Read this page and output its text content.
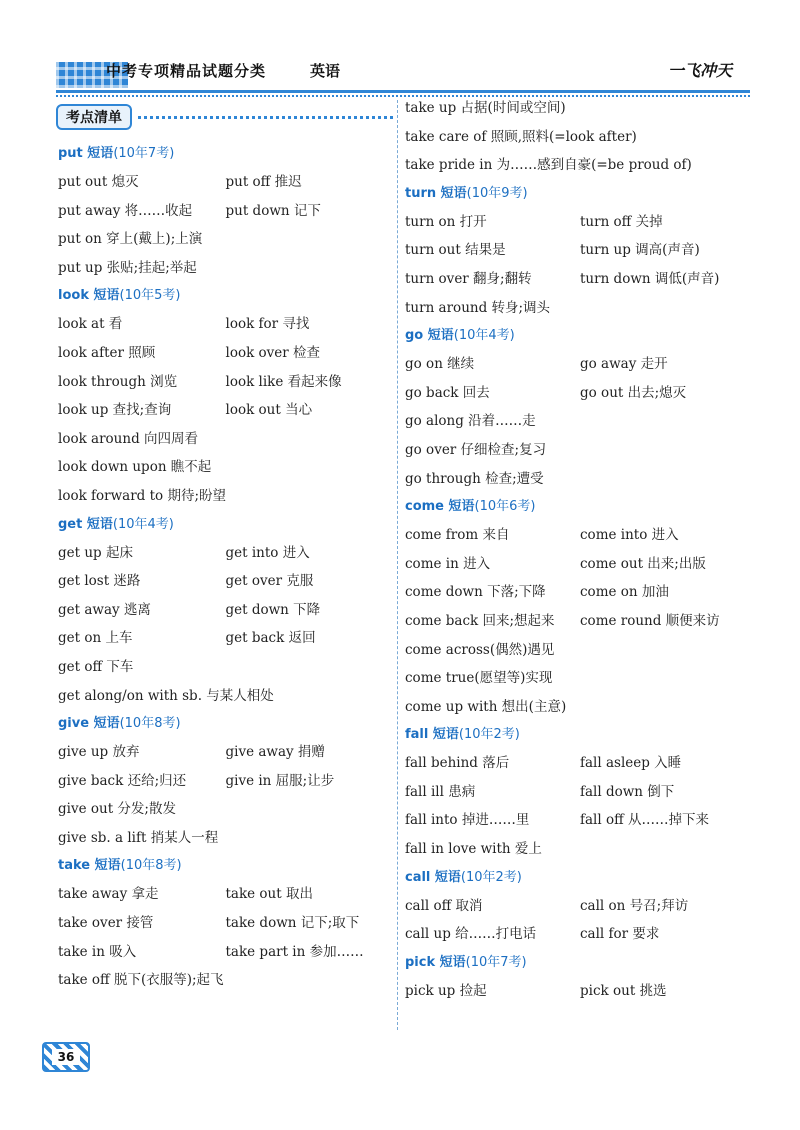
中考专项精品试题分类	英语	一飞冲天
考点清单
put 短语(10年7考)
put out 熄灭	put off 推迟
put away 将……收起	put down 记下
put on 穿上(戴上);上演
put up 张贴;挂起;举起
look 短语(10年5考)
look at 看	look for 寻找
look after 照顾	look over 检查
look through 浏览	look like 看起来像
look up 查找;查询	look out 当心
look around 向四周看
look down upon 瞧不起
look forward to 期待;盼望
get 短语(10年4考)
get up 起床	get into 进入
get lost 迷路	get over 克服
get away 逃离	get down 下降
get on 上车	get back 返回
get off 下车
get along/on with sb. 与某人相处
give 短语(10年8考)
give up 放弃	give away 捐赠
give back 还给;归还	give in 屈服;让步
give out 分发;散发
give sb. a lift 捎某人一程
take 短语(10年8考)
take away 拿走	take out 取出
take over 接管	take down 记下;取下
take in 吸入	take part in 参加……
take off 脱下(衣服等);起飞
take up 占据(时间或空间)
take care of 照顾,照料(=look after)
take pride in 为……感到自豪(=be proud of)
turn 短语(10年9考)
turn on 打开	turn off 关掉
turn out 结果是	turn up 调高(声音)
turn over 翻身;翻转	turn down 调低(声音)
turn around 转身;调头
go 短语(10年4考)
go on 继续	go away 走开
go back 回去	go out 出去;熄灭
go along 沿着……走
go over 仔细检查;复习
go through 检查;遭受
come 短语(10年6考)
come from 来自	come into 进入
come in 进入	come out 出来;出版
come down 下落;下降	come on 加油
come back 回来;想起来	come round 顺便来访
come across(偶然)遇见
come true(愿望等)实现
come up with 想出(主意)
fall 短语(10年2考)
fall behind 落后	fall asleep 入睡
fall ill 患病	fall down 倒下
fall into 掉进……里	fall off 从……掉下来
fall in love with 爱上
call 短语(10年2考)
call off 取消	call on 号召;拜访
call up 给……打电话	call for 要求
pick 短语(10年7考)
pick up 捡起	pick out 挑选
36
